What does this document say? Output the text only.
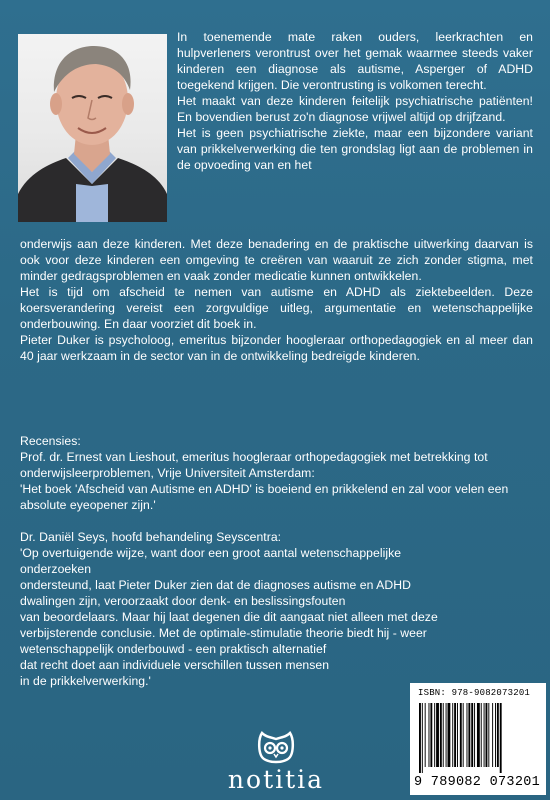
In toenemende mate raken ouders, leerkrachten en hulpverleners verontrust over het gemak waarmee steeds vaker kinderen een diagnose als autisme, Asperger of ADHD toegekend krijgen. Die verontrusting is volkomen terecht.

Het maakt van deze kinderen feitelijk psychiatrische patiënten! En bovendien berust zo'n diagnose vrijwel altijd op drijfzand.

Het is geen psychiatrische ziekte, maar een bijzondere variant van prikkelverwerking die ten grondslag ligt aan de problemen in de opvoeding van en het

onderwijs aan deze kinderen. Met deze benadering en de praktische uitwerking daarvan is ook voor deze kinderen een omgeving te creëren van waaruit ze zich zonder stigma, met minder gedragsproblemen en vaak zonder medicatie kunnen ontwikkelen.

Het is tijd om afscheid te nemen van autisme en ADHD als ziektebeelden. Deze koersverandering vereist een zorgvuldige uitleg, argumentatie en wetenschappelijke onderbouwing. En daar voorziet dit boek in.

Pieter Duker is psycholoog, emeritus bijzonder hoogleraar orthopedagogiek en al meer dan 40 jaar werkzaam in de sector van in de ontwikkeling bedreigde kinderen.

Recensies:

Prof. dr. Ernest van Lieshout, emeritus hoogleraar orthopedagogiek met betrekking tot onderwijsleerproblemen, Vrije Universiteit Amsterdam:

'Het boek 'Afscheid van Autisme en ADHD' is boeiend en prikkelend en zal voor velen een absolute eyeopener zijn.'

Dr. Daniël Seys, hoofd behandeling Seyscentra:

'Op overtuigende wijze, want door een groot aantal wetenschappelijke

onderzoeken

ondersteund, laat Pieter Duker zien dat de diagnoses autisme en ADHD

dwalingen zijn, veroorzaakt door denk- en beslissingsfouten

van beoordelaars. Maar hij laat degenen die dit aangaat niet alleen met deze

verbijsterende conclusie. Met de optimale-stimulatie theorie biedt hij - weer

wetenschappelijk onderbouwd - een praktisch alternatief

dat recht doet aan individuele verschillen tussen mensen

in de prikkelverwerking.'

notitia
ISBN: 978-9082073201
9 789082 073201
